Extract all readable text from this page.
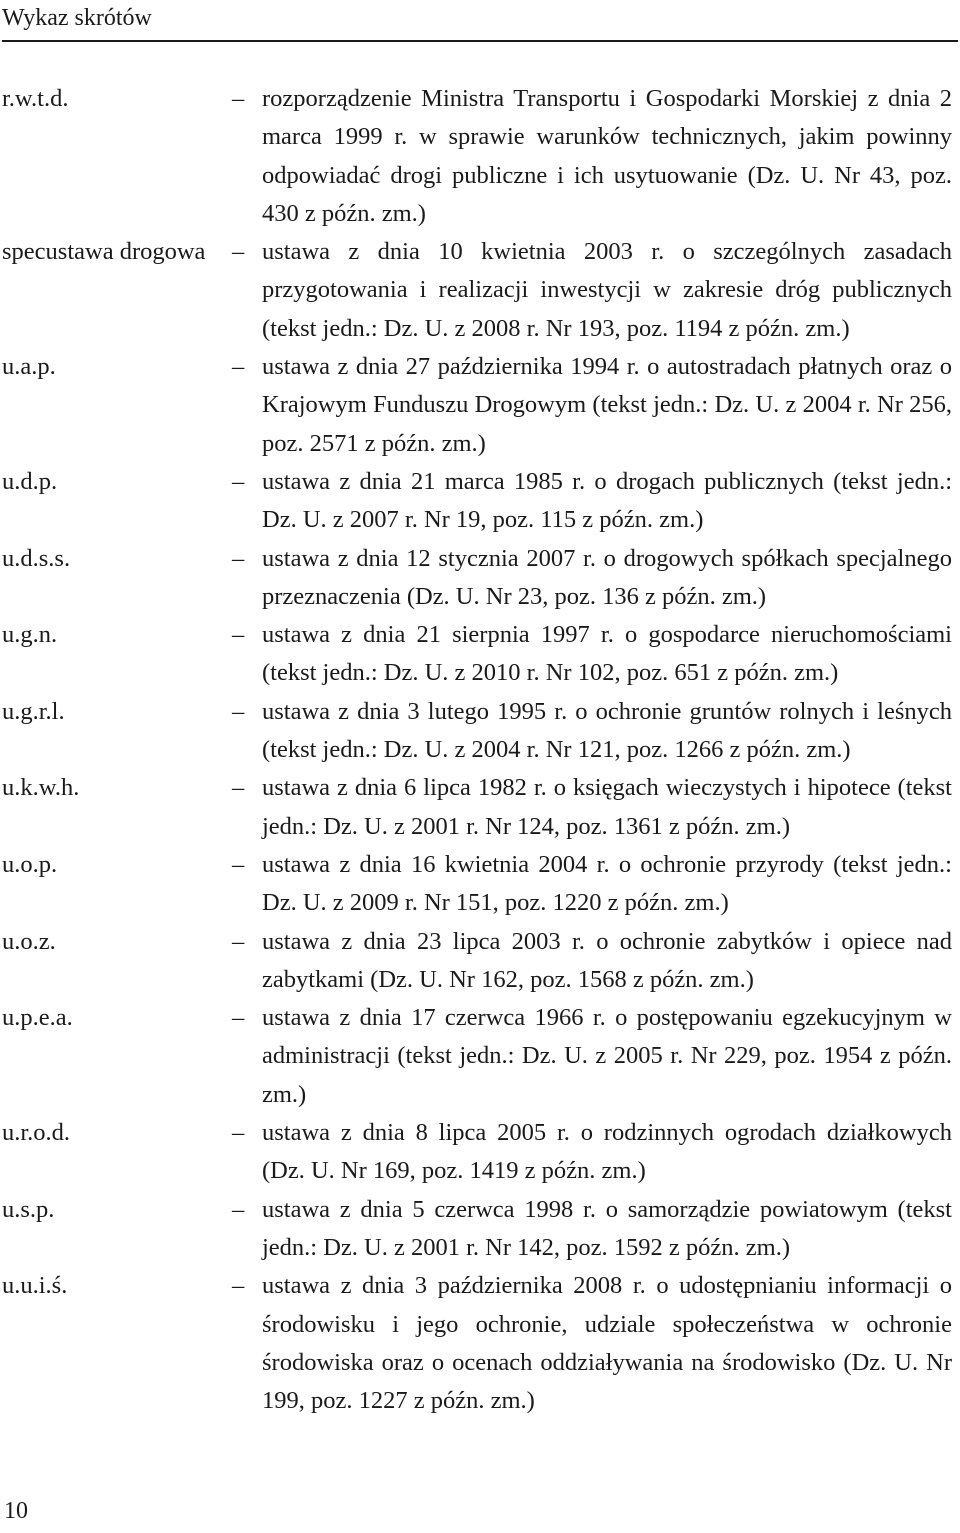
Wykaz skrótów
r.w.t.d.	– rozporządzenie Ministra Transportu i Gospodarki Morskiej z dnia 2 marca 1999 r. w sprawie warunków technicznych, jakim powinny odpowiadać drogi publiczne i ich usytuowanie (Dz. U. Nr 43, poz. 430 z późn. zm.)
specustawa drogowa	– ustawa z dnia 10 kwietnia 2003 r. o szczególnych zasadach przygotowania i realizacji inwestycji w zakresie dróg publicznych (tekst jedn.: Dz. U. z 2008 r. Nr 193, poz. 1194 z późn. zm.)
u.a.p.	– ustawa z dnia 27 października 1994 r. o autostradach płatnych oraz o Krajowym Funduszu Drogowym (tekst jedn.: Dz. U. z 2004 r. Nr 256, poz. 2571 z późn. zm.)
u.d.p.	– ustawa z dnia 21 marca 1985 r. o drogach publicznych (tekst jedn.: Dz. U. z 2007 r. Nr 19, poz. 115 z późn. zm.)
u.d.s.s.	– ustawa z dnia 12 stycznia 2007 r. o drogowych spółkach specjalnego przeznaczenia (Dz. U. Nr 23, poz. 136 z późn. zm.)
u.g.n.	– ustawa z dnia 21 sierpnia 1997 r. o gospodarce nieruchomościami (tekst jedn.: Dz. U. z 2010 r. Nr 102, poz. 651 z późn. zm.)
u.g.r.l.	– ustawa z dnia 3 lutego 1995 r. o ochronie gruntów rolnych i leśnych (tekst jedn.: Dz. U. z 2004 r. Nr 121, poz. 1266 z późn. zm.)
u.k.w.h.	– ustawa z dnia 6 lipca 1982 r. o księgach wieczystych i hipotece (tekst jedn.: Dz. U. z 2001 r. Nr 124, poz. 1361 z późn. zm.)
u.o.p.	– ustawa z dnia 16 kwietnia 2004 r. o ochronie przyrody (tekst jedn.: Dz. U. z 2009 r. Nr 151, poz. 1220 z późn. zm.)
u.o.z.	– ustawa z dnia 23 lipca 2003 r. o ochronie zabytków i opiece nad zabytkami (Dz. U. Nr 162, poz. 1568 z późn. zm.)
u.p.e.a.	– ustawa z dnia 17 czerwca 1966 r. o postępowaniu egzekucyjnym w administracji (tekst jedn.: Dz. U. z 2005 r. Nr 229, poz. 1954 z późn. zm.)
u.r.o.d.	– ustawa z dnia 8 lipca 2005 r. o rodzinnych ogrodach działkowych (Dz. U. Nr 169, poz. 1419 z późn. zm.)
u.s.p.	– ustawa z dnia 5 czerwca 1998 r. o samorządzie powiatowym (tekst jedn.: Dz. U. z 2001 r. Nr 142, poz. 1592 z późn. zm.)
u.u.i.ś.	– ustawa z dnia 3 października 2008 r. o udostępnianiu informacji o środowisku i jego ochronie, udziale społeczeństwa w ochronie środowiska oraz o ocenach oddziaływania na środowisko (Dz. U. Nr 199, poz. 1227 z późn. zm.)
10
